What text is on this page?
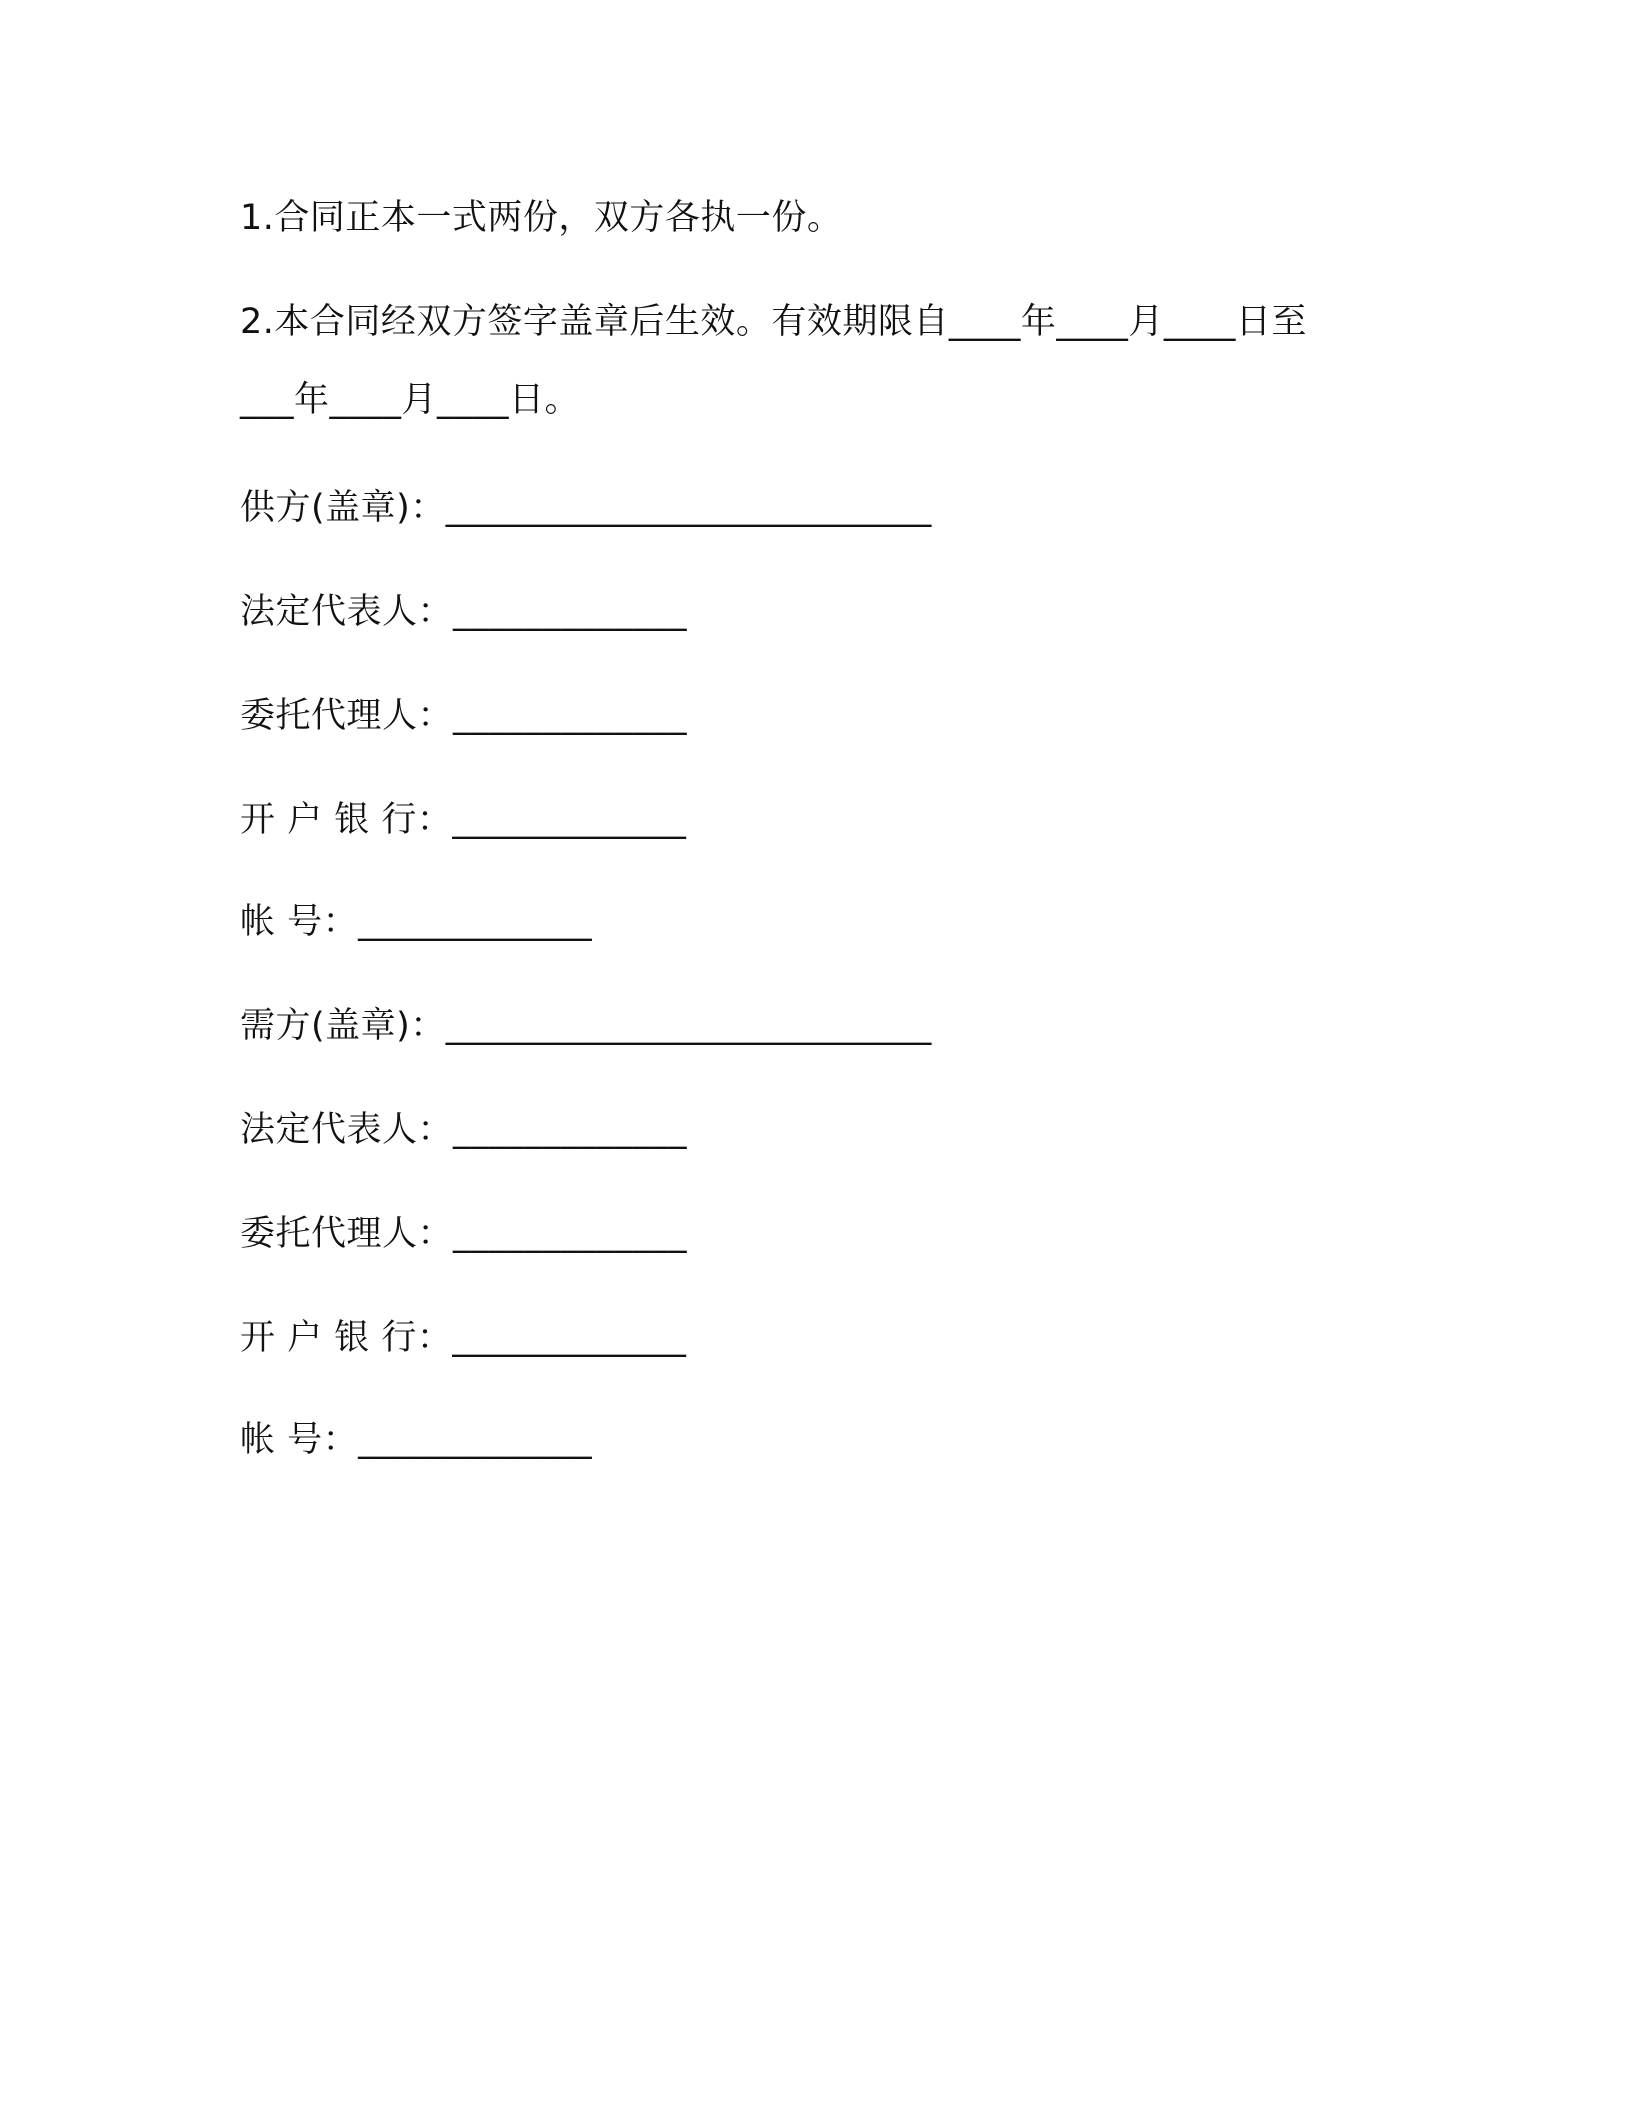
1.合同正本一式两份，双方各执一份。
2.本合同经双方签字盖章后生效。有效期限自____年____月____日至
___年____月____日。
供方(盖章)：___________________________
法定代表人：_____________
委托代理人：_____________
开 户 银 行：_____________
帐 号：_____________
需方(盖章)：___________________________
法定代表人：_____________
委托代理人：_____________
开 户 银 行：_____________
帐 号：_____________
